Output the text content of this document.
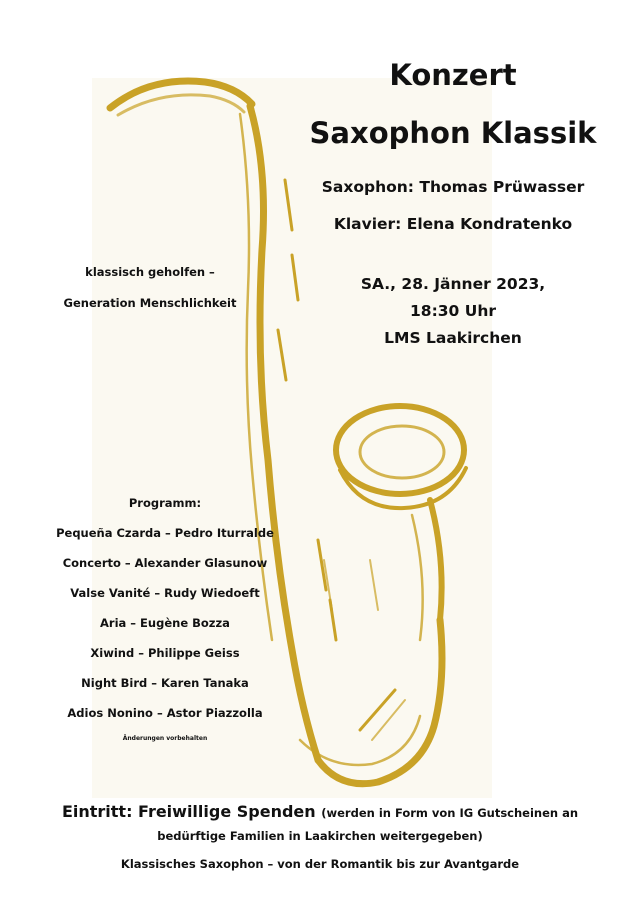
Konzert
Saxophon Klassik
Saxophon: Thomas Prüwasser
Klavier: Elena Kondratenko
SA., 28. Jänner 2023,
18:30 Uhr
LMS Laakirchen
klassisch geholfen –
Generation Menschlichkeit
Programm:
Pequeña Czarda – Pedro Iturralde
Concerto – Alexander Glasunow
Valse Vanité – Rudy Wiedoeft
Aria – Eugène Bozza
Xiwind – Philippe Geiss
Night Bird – Karen Tanaka
Adios Nonino – Astor Piazzolla
Änderungen vorbehalten
Eintritt: Freiwillige Spenden (werden in Form von IG Gutscheinen an
bedürftige Familien in Laakirchen weitergegeben)
Klassisches Saxophon – von der Romantik bis zur Avantgarde
